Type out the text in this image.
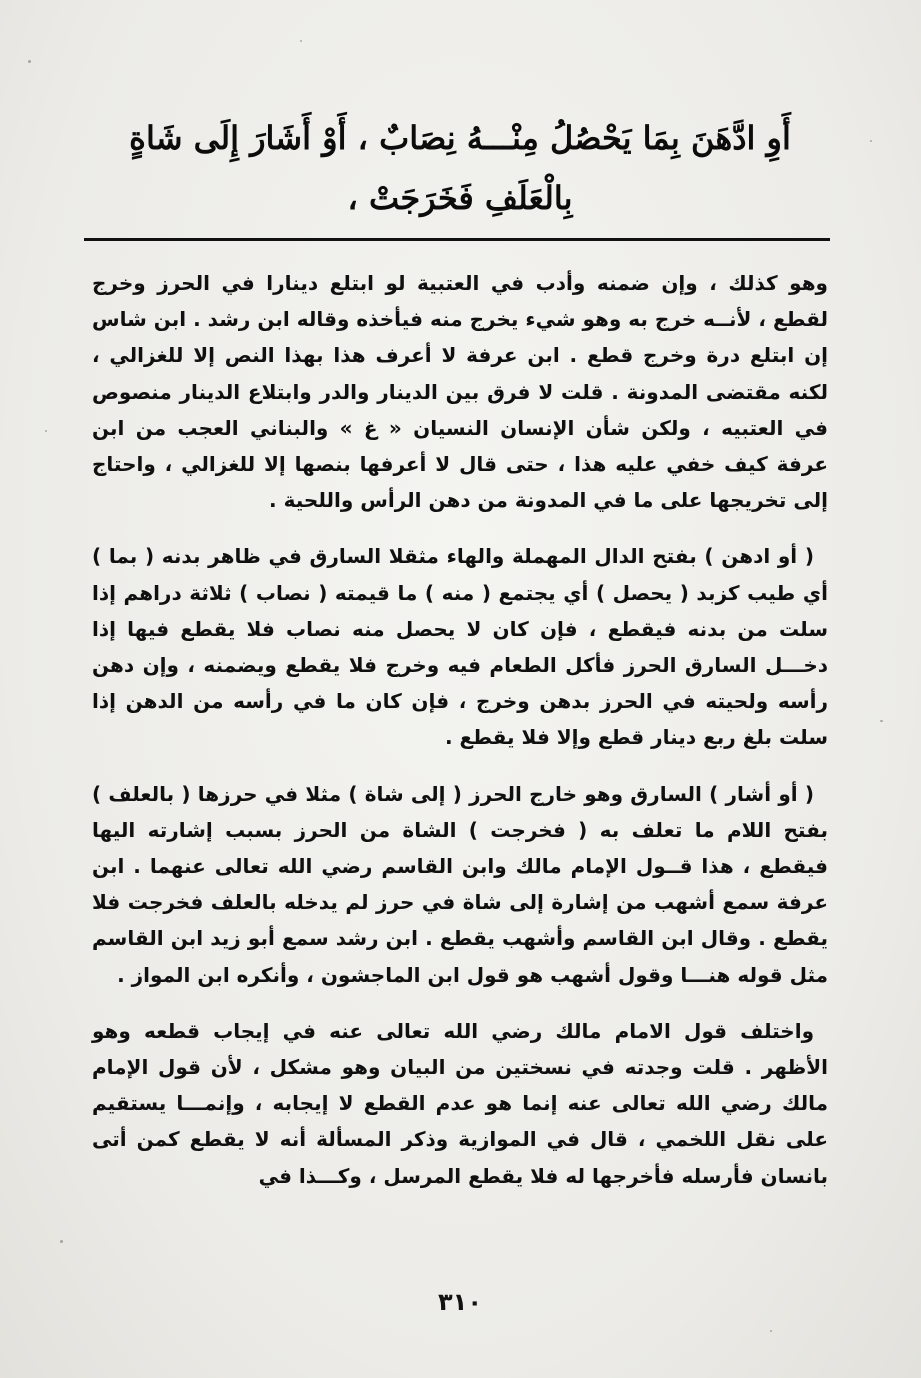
أَوِ ادَّهَنَ بِمَا يَحْصُلُ مِنْـــهُ نِصَابٌ ، أَوْ أَشَارَ إِلَى شَاةٍ
بِالْعَلَفِ فَخَرَجَتْ ،

وهو كذلك ، وإن ضمنه وأدب في العتبية لو ابتلع دينارا في الحرز وخرج لقطع ، لأنــه خرج به وهو شيء يخرج منه فيأخذه وقاله ابن رشد . ابن شاس إن ابتلع درة وخرج قطع . ابن عرفة لا أعرف هذا بهذا النص إلا للغزالي ، لكنه مقتضى المدونة . قلت لا فرق بين الدينار والدر وابتلاع الدينار منصوص في العتبيه ، ولكن شأن الإنسان النسيان « غ » والبناني العجب من ابن عرفة كيف خفي عليه هذا ، حتى قال لا أعرفها بنصها إلا للغزالي ، واحتاج إلى تخريجها على ما في المدونة من دهن الرأس واللحية .

( أو ادهن ) بفتح الدال المهملة والهاء مثقلا السارق في ظاهر بدنه ( بما ) أي طيب كزبد ( يحصل ) أي يجتمع ( منه ) ما قيمته ( نصاب ) ثلاثة دراهم إذا سلت من بدنه فيقطع ، فإن كان لا يحصل منه نصاب فلا يقطع فيها إذا دخـــل السارق الحرز فأكل الطعام فيه وخرج فلا يقطع ويضمنه ، وإن دهن رأسه ولحيته في الحرز بدهن وخرج ، فإن كان ما في رأسه من الدهن إذا سلت بلغ ربع دينار قطع وإلا فلا يقطع .

( أو أشار ) السارق وهو خارج الحرز ( إلى شاة ) مثلا في حرزها ( بالعلف ) بفتح اللام ما تعلف به ( فخرجت ) الشاة من الحرز بسبب إشارته اليها فيقطع ، هذا قــول الإمام مالك وابن القاسم رضي الله تعالى عنهما . ابن عرفة سمع أشهب من إشارة إلى شاة في حرز لم يدخله بالعلف فخرجت فلا يقطع . وقال ابن القاسم وأشهب يقطع . ابن رشد سمع أبو زيد ابن القاسم مثل قوله هنـــا وقول أشهب هو قول ابن الماجشون ، وأنكره ابن المواز .

واختلف قول الامام مالك رضي الله تعالى عنه في إيجاب قطعه وهو الأظهر . قلت وجدته في نسختين من البيان وهو مشكل ، لأن قول الإمام مالك رضي الله تعالى عنه إنما هو عدم القطع لا إيجابه ، وإنمـــا يستقيم على نقل اللخمي ، قال في الموازية وذكر المسألة أنه لا يقطع كمن أتى بانسان فأرسله فأخرجها له فلا يقطع المرسل ، وكـــذا في

٣١٠
